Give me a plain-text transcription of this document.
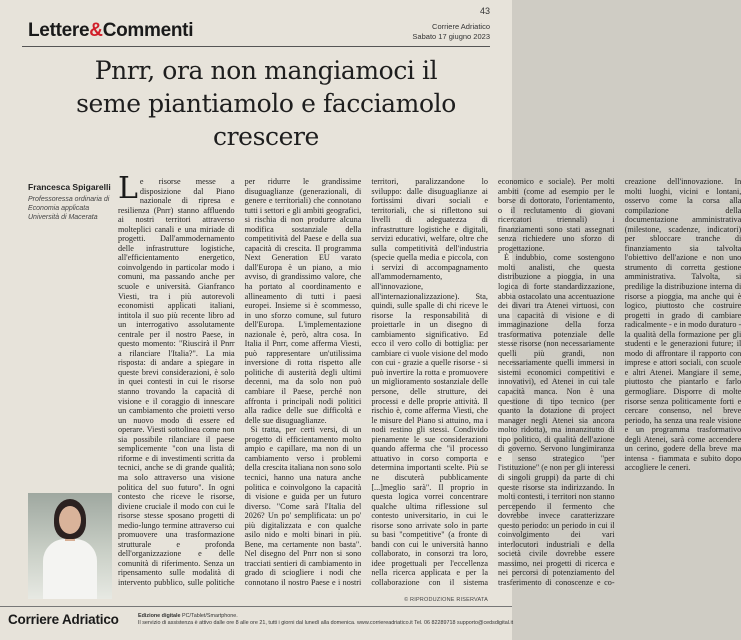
43
Lettere&Commenti	Corriere Adriatico
Sabato 17 giugno 2023
Pnrr, ora non mangiamoci il seme piantiamolo e facciamolo crescere
Francesca Spigarelli
Professoressa ordinaria di Economia applicata Università di Macerata

Le risorse messe a disposizione dal Piano nazionale di ripresa e resilienza (Pnrr) stanno affluendo ai nostri territori attraverso molteplici canali e una miriade di progetti. Dall'ammodernamento delle infrastrutture logistiche, all'efficientamento energetico, coinvolgendo in particolar modo i comuni, ma passando anche per scuole e università. Gianfranco Viesti, tra i più autorevoli economisti applicati italiani, intitola il suo più recente libro ad un interrogativo assolutamente centrale per il nostro Paese, in questo momento: "Riuscirà il Pnrr a rilanciare l'Italia?". La mia risposta: di andare a spiegare in queste brevi considerazioni, è solo in quei contesti in cui le risorse stanno trovando la capacità di visione e il coraggio di innescare un cambiamento che proietti verso un nuovo modo di essere ed operare. Viesti sottolinea come non sia possibile rilanciare il paese semplicemente "con una lista di riforme e di investimenti scritta da tecnici, anche se di grande qualità; ma solo attraverso una visione politica del suo futuro". In ogni contesto che riceve le risorse, diviene cruciale il modo con cui le risorse stesse sposano progetti di medio-lungo termine attraverso cui promuovere una trasformazione strutturale e profonda dell'organizzazione e delle comunità di riferimento. Senza un ripensamento sulle modalità di intervento pubblico, sulle politiche per ridurre le grandissime disuguaglianze (generazionali, di genere e territoriali) che connotano tutti i settori e gli ambiti geografici, si rischia di non produrre alcuna modifica sostanziale della competitività del Paese e della sua capacità di crescita. Il programma Next Generation EU varato dall'Europa è un piano, a mio avviso, di grandissimo valore, che ha portato al coordinamento e allineamento di tutti i paesi europei. Insieme si è scommesso, in uno sforzo comune, sul futuro dell'Europa. L'implementazione nazionale è, però, altra cosa. In Italia il Pnrr, come afferma Viesti, può rappresentare un'utilissima inversione di rotta rispetto alle politiche di austerità degli ultimi decenni, ma da solo non può cambiare il Paese, perché non affronta i principali nodi politici alla radice delle sue difficoltà e delle sue disuguaglianze.

Si tratta, per certi versi, di un progetto di efficientamento molto ampio e capillare, ma non di un cambiamento verso i problemi della crescita italiana non sono solo tecnici, hanno una natura anche politica e coinvolgono la capacità di visione e guida per un futuro diverso. "Come sarà l'Italia del 2026? Un po' semplificata: un po' più digitalizzata e con qualche asilo nido e molti binari in più. Bene, ma certamente non basta". Nel disegno del Pnrr non si sono tracciati sentieri di cambiamento in grado di sciogliere i nodi che connotano il nostro Paese e i nostri territori, paralizzandone lo sviluppo: dalle disuguaglianze ai fortissimi divari sociali e territoriali, che si riflettono sui livelli di adeguatezza di infrastrutture logistiche e digitali, servizi educativi, welfare, oltre che sulla competitività dell'industria (specie quella media e piccola, con i servizi di accompagnamento all'ammodernamento, all'innovazione, all'internazionalizzazione). Sta, quindi, sulle spalle di chi riceve le risorse la responsabilità di proiettarle in un disegno di cambiamento significativo. Ed ecco il vero collo di bottiglia: per cambiare ci vuole visione del modo con cui - grazie a quelle risorse - si può invertire la rotta e promuovere un miglioramento sostanziale delle persone, delle strutture, dei processi e delle proprie attività. Il rischio è, come afferma Viesti, che le misure del Piano si attuino, ma i nodi restino gli stessi. Condivido pienamente le sue considerazioni quando afferma che "il processo attuativo in corso comporta e determina importanti scelte. Più se ne discuterà pubblicamente [...]meglio sarà". Il proprio in questa logica vorrei concentrare qualche ultima riflessione sul contesto universitario, in cui le risorse sono arrivate solo in parte su basi "competitive" (a fronte di bandi con cui le università hanno collaborato, in consorzi tra loro, idee progettuali per l'eccellenza nella ricerca applicata e per la collaborazione con il sistema economico e sociale). Per molti ambiti (come ad esempio per le borse di dottorato, l'orientamento, o il reclutamento di giovani ricercatori triennali) i finanziamenti sono stati assegnati senza richiedere uno sforzo di progettazione.

È indubbio, come sostengono molti analisti, che questa distribuzione a pioggia, in una logica di forte standardizzazione, abbia ostacolato una accentuazione dei divari tra Atenei virtuosi, con una capacità di visione e di immaginazione della forza trasformativa potenziale delle stesse risorse (non necessariamente quelli più grandi, non necessariamente quelli immersi in sistemi economici competitivi e innovativi), ed Atenei in cui tale capacità manca. Non è una questione di tipo tecnico (per quanto la dotazione di project manager negli Atenei sia ancora molto ridotta), ma innanzitutto di tipo politico, di qualità dell'azione di governo. Servono lungimiranza e senso strategico "per l'istituzione" (e non per gli interessi di singoli gruppi) da parte di chi queste risorse sta indirizzando. In molti contesti, i territori non stanno percependo il fermento che dovrebbe invece caratterizzare questo periodo: un periodo in cui il coinvolgimento dei vari interlocutori industriali e della società civile dovrebbe essere massimo, nei progetti di ricerca e nei percorsi di potenziamento del trasferimento di conoscenze e co-creazione dell'innovazione. In molti luoghi, vicini e lontani, osservo come la corsa alla compilazione della documentazione amministrativa (milestone, scadenze, indicatori) per sbloccare tranche di finanziamento sia talvolta l'obiettivo dell'azione e non uno strumento di corretta gestione amministrativa. Talvolta, si predilige la distribuzione interna di risorse a pioggia, ma anche qui è logico, piuttosto che costruire progetti in grado di cambiare radicalmente - e in modo duraturo - la qualità della formazione per gli studenti e le generazioni future; il modo di affrontare il rapporto con imprese e attori sociali, con scuole e altri Atenei. Mangiare il seme, piuttosto che piantarlo e farlo germogliare. Disporre di molte risorse senza politicamente forti e cercare consenso, nel breve periodo, ha senza una reale visione e un programma trasformativo degli Atenei, sarà come accendere un cerino, godere della breve ma intensa - fiammata e subito dopo accogliere le ceneri.

© RIPRODUZIONE RISERVATA
Corriere Adriatico	Edizione digitale PC/Tablet/Smartphone.
Il servizio di assistenza è attivo dalle ore 8 alle ore 21, tutti i giorni dal lunedì alla domenica. www.corriereadriatico.it Tel. 06 82289718 supporto@cedsdigital.it
